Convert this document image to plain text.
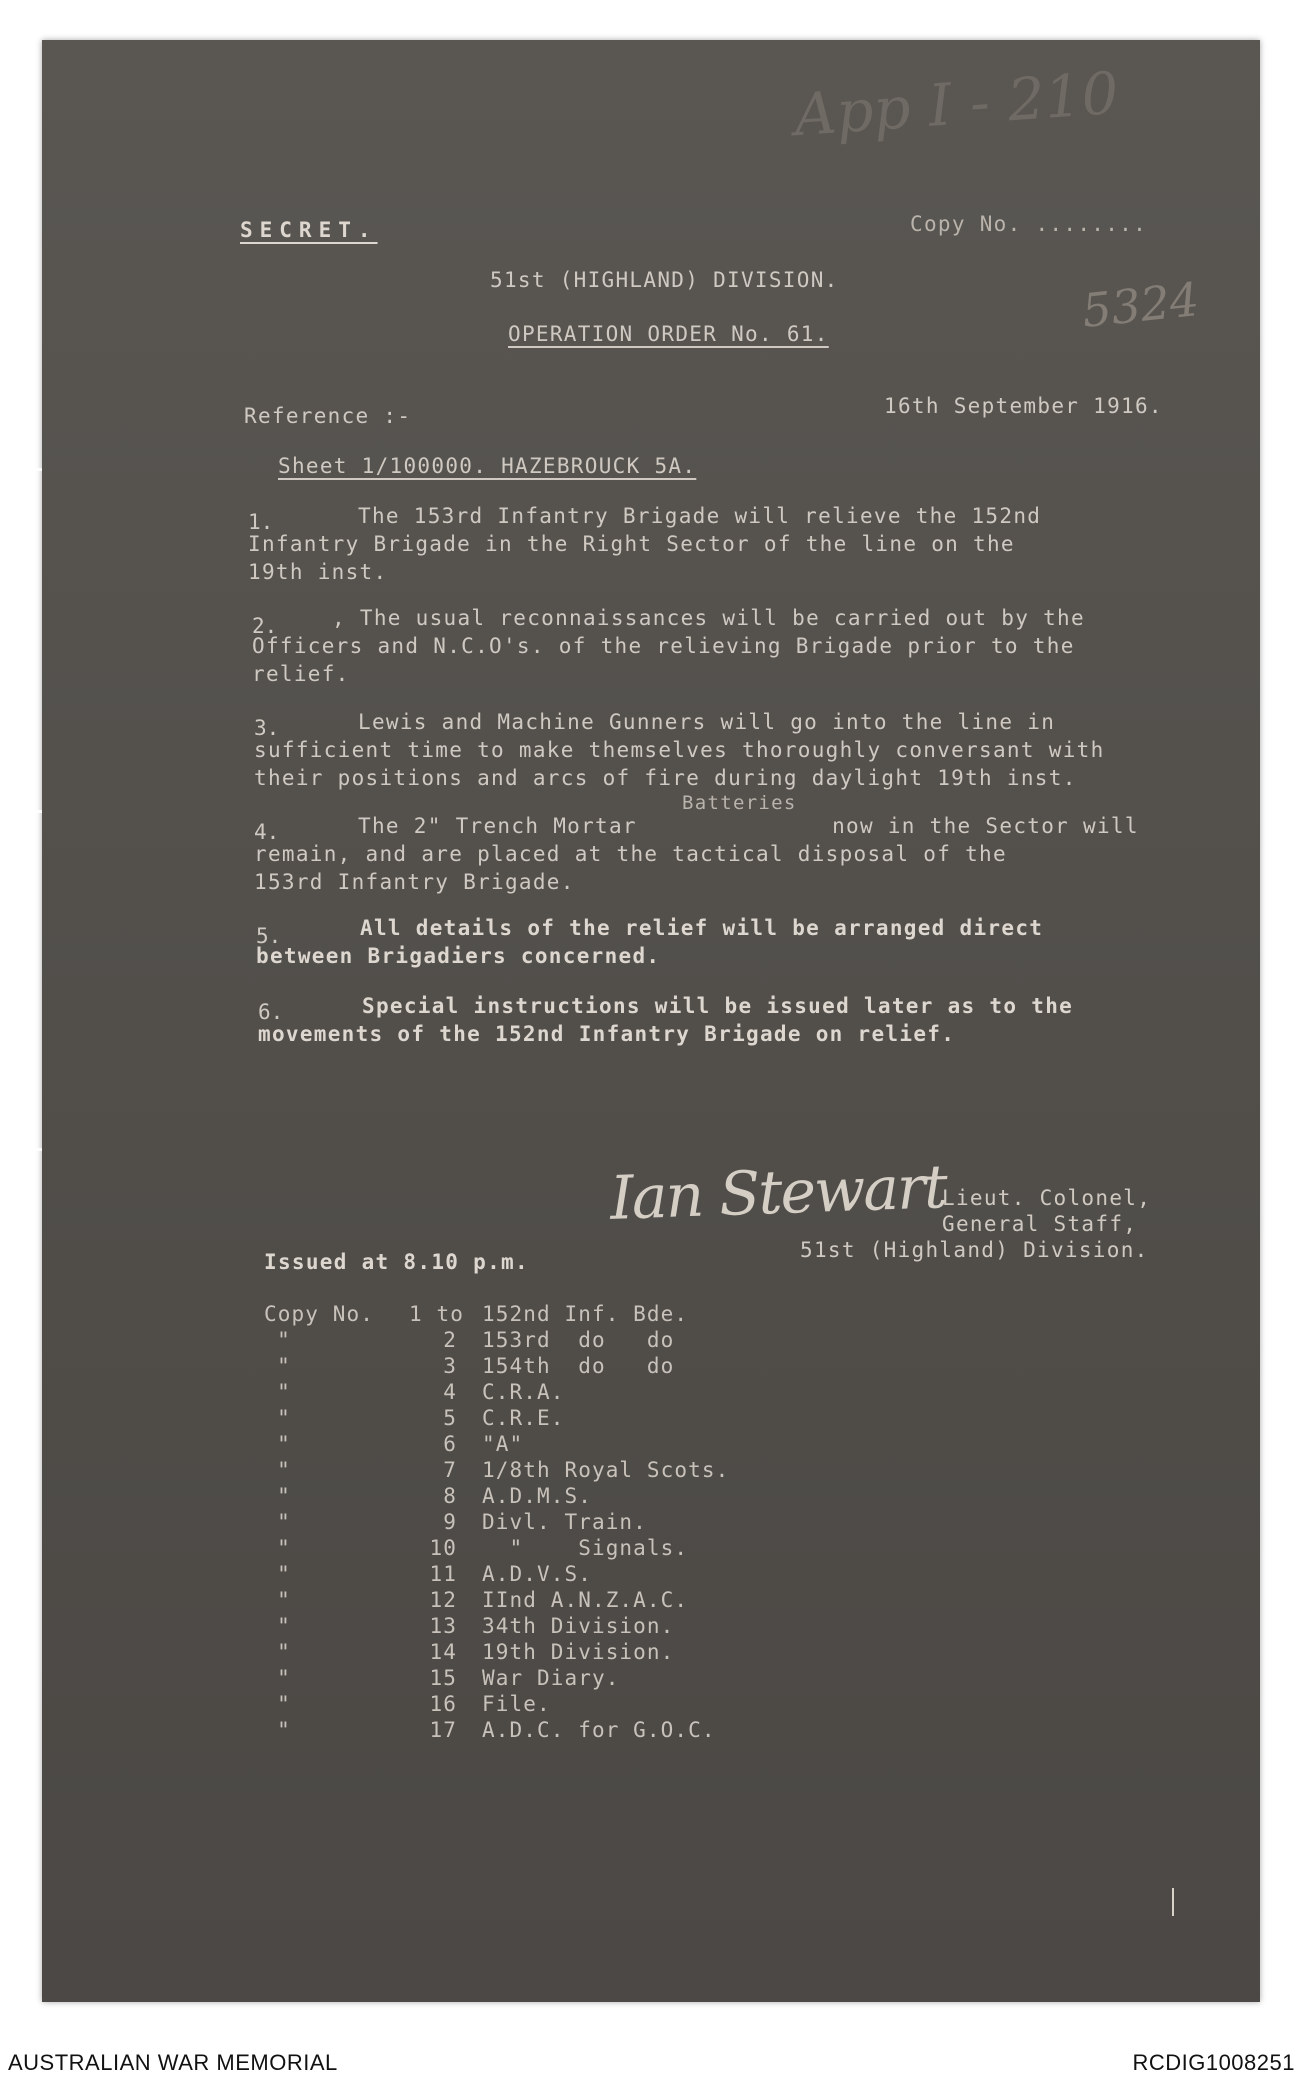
App I - 210
5324
SECRET.	Copy No. ........
51st (HIGHLAND) DIVISION.
OPERATION ORDER No. 61.
Reference :-	16th September 1916.
Sheet 1/100000. HAZEBROUCK 5A.
1.	The 153rd Infantry Brigade will relieve the 152nd
Infantry Brigade in the Right Sector of the line on the
19th inst.
2.	, The usual reconnaissances will be carried out by the
Officers and N.C.O's. of the relieving Brigade prior to the
relief.
3.	Lewis and Machine Gunners will go into the line in
sufficient time to make themselves thoroughly conversant with
their positions and arcs of fire during daylight 19th inst.
Batteries
4.	The 2" Trench Mortar              now in the Sector will
remain, and are placed at the tactical disposal of the
153rd Infantry Brigade.
5.	All details of the relief will be arranged direct
between Brigadiers concerned.
6.	Special instructions will be issued later as to the
movements of the 152nd Infantry Brigade on relief.
Ian Stewart
Lieut. Colonel,
General Staff,
51st (Highland) Division.
Issued at 8.10 p.m.
Copy No. 1 to 152nd Inf. Bde.
"	2 153rd  do   do
"	3 154th  do   do
"	4 C.R.A.
"	5 C.R.E.
"	6 "A"
"	7 1/8th Royal Scots.
"	8 A.D.M.S.
"	9 Divl. Train.
"	10 "    Signals.
"	11 A.D.V.S.
"	12 IInd A.N.Z.A.C.
"	13 34th Division.
"	14 19th Division.
"	15 War Diary.
"	16 File.
"	17 A.D.C. for G.O.C.
AUSTRALIAN WAR MEMORIAL	RCDIG1008251
